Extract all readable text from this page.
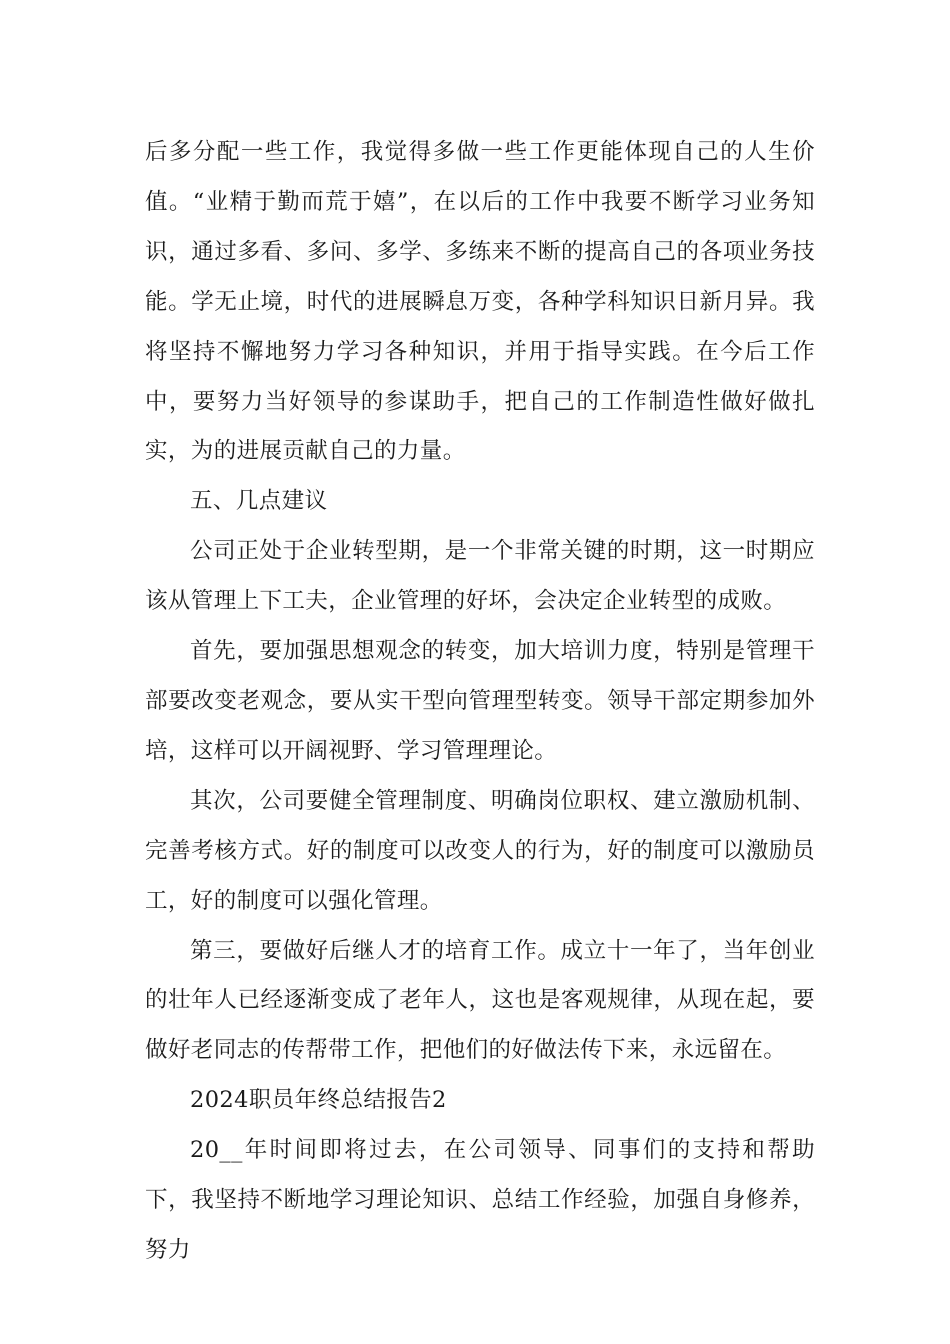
后多分配一些工作，我觉得多做一些工作更能体现自己的人生价值。“业精于勤而荒于嬉”，在以后的工作中我要不断学习业务知识，通过多看、多问、多学、多练来不断的提高自己的各项业务技能。学无止境，时代的进展瞬息万变，各种学科知识日新月异。我将坚持不懈地努力学习各种知识，并用于指导实践。在今后工作中，要努力当好领导的参谋助手，把自己的工作制造性做好做扎实，为的进展贡献自己的力量。

五、几点建议

公司正处于企业转型期，是一个非常关键的时期，这一时期应该从管理上下工夫，企业管理的好坏，会决定企业转型的成败。

首先，要加强思想观念的转变，加大培训力度，特别是管理干部要改变老观念，要从实干型向管理型转变。领导干部定期参加外培，这样可以开阔视野、学习管理理论。

其次，公司要健全管理制度、明确岗位职权、建立激励机制、完善考核方式。好的制度可以改变人的行为，好的制度可以激励员工，好的制度可以强化管理。

第三，要做好后继人才的培育工作。成立十一年了，当年创业的壮年人已经逐渐变成了老年人，这也是客观规律，从现在起，要做好老同志的传帮带工作，把他们的好做法传下来，永远留在。

2024职员年终总结报告2

20__年时间即将过去，在公司领导、同事们的支持和帮助下，我坚持不断地学习理论知识、总结工作经验，加强自身修养，努力
